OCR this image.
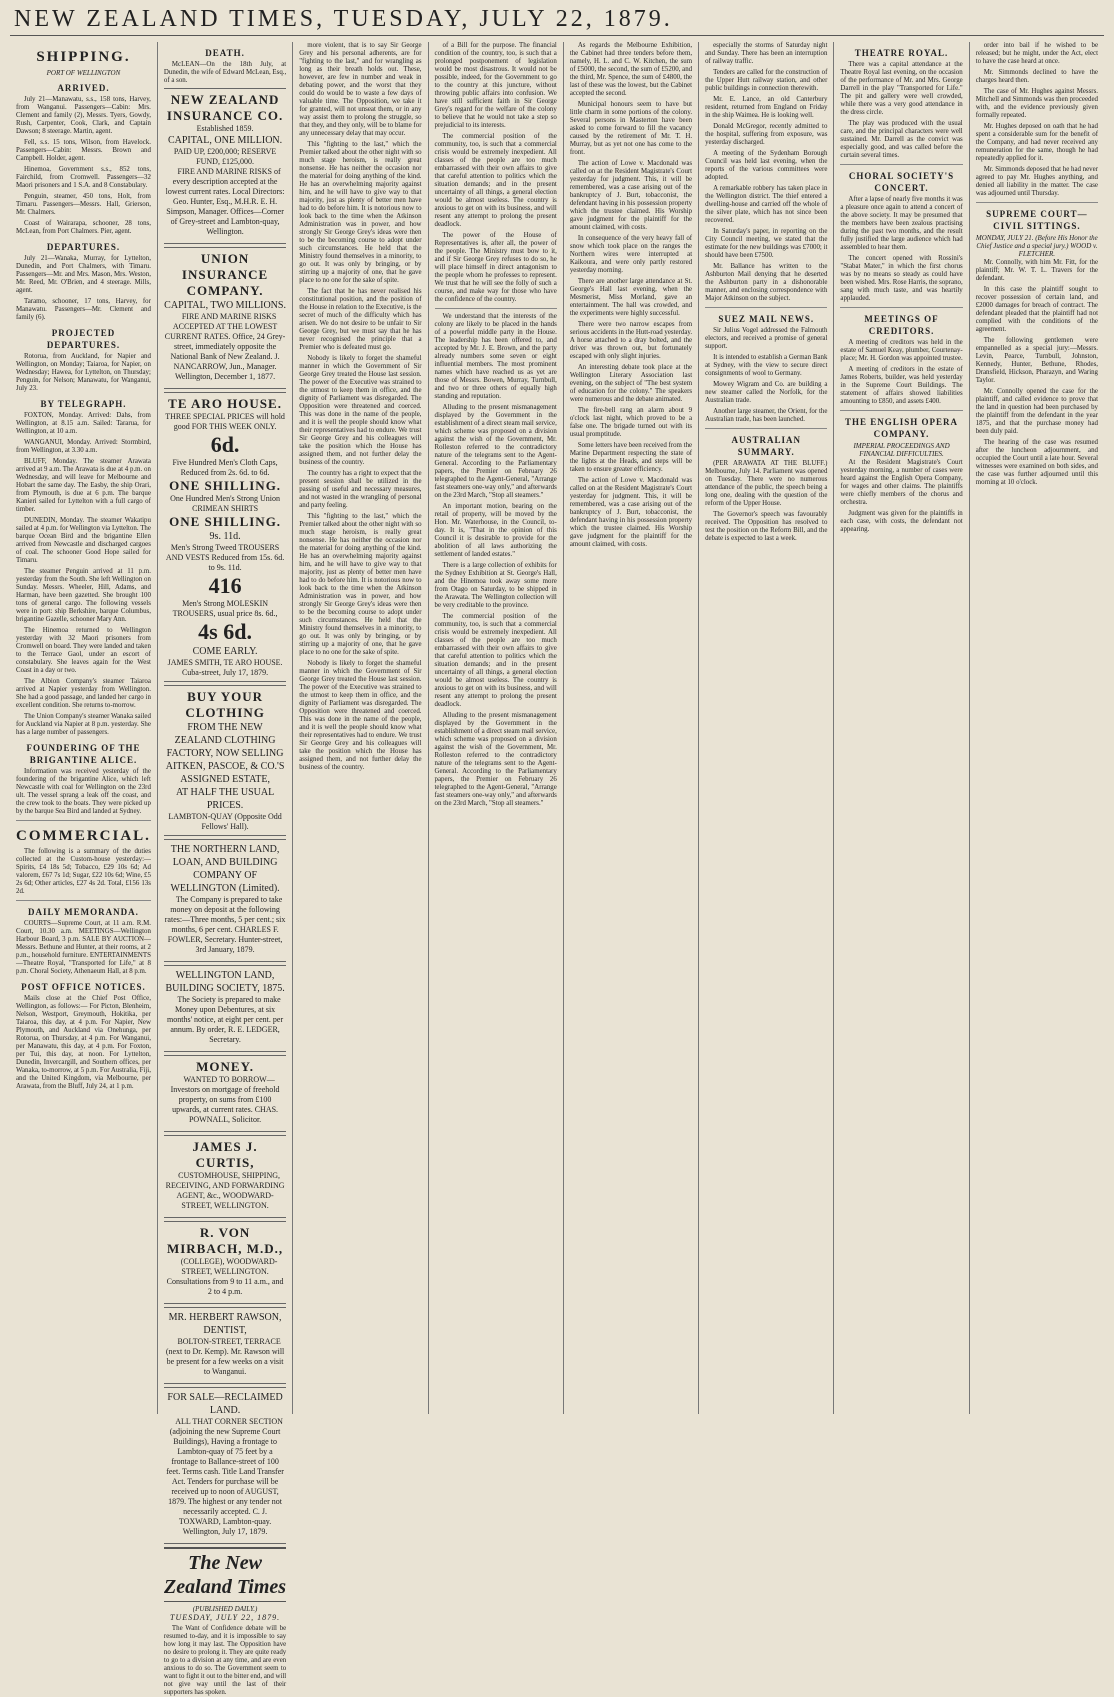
NEW ZEALAND TIMES, TUESDAY, JULY 22, 1879.
SHIPPING.
PORT OF WELLINGTON
ARRIVED.

July 21—Manawatu, s.s., 158 tons, Harvey, from Wanganui. Passengers—Cabin: Mrs. Clement and family (2), Messrs. Tyers, Gowdy, Rush, Carpenter, Cook, Clark, and Captain Dawson; 8 steerage. Martin, agent.

Fell, s.s. 15 tons, Wilson, from Havelock. Passengers—Cabin: Messrs. Brown and Campbell. Holder, agent.

Hinemoa, Government s.s., 852 tons, Fairchild, from Cromwell. Passengers—32 Maori prisoners and 1 S.A. and 8 Constabulary.

Penguin, steamer, 450 tons, Holt, from Timaru. Passengers—Messrs. Hall, Grierson, Mr. Chalmers.

Coast of Wairarapa, schooner, 28 tons, McLean, from Port Chalmers. Pier, agent.

DEPARTURES.

July 21—Wanaka, Murray, for Lyttelton, Dunedin, and Port Chalmers, with Timaru. Passengers—Mr. and Mrs. Mason, Mrs. Weston, Mr. Reed, Mr. O'Brien, and 4 steerage. Mills, agent.

Taramo, schooner, 17 tons, Harvey, for Manawatu. Passengers—Mr. Clement and family (6).

PROJECTED DEPARTURES.

Rotorua, from Auckland, for Napier and Wellington, on Monday; Taiaroa, for Napier, on Wednesday; Hawea, for Lyttelton, on Thursday; Penguin, for Nelson; Manawatu, for Wanganui, July 23.

BY TELEGRAPH.

FOXTON, Monday. Arrived: Dahs, from Wellington, at 8.15 a.m. Sailed: Tararua, for Wellington, at 10 a.m.

WANGANUI, Monday. Arrived: Stormbird, from Wellington, at 3.30 a.m.

BLUFF, Monday. The steamer Arawata arrived at 9 a.m. The Arawata is due at 4 p.m. on Wednesday, and will leave for Melbourne and Hobart the same day. The Easby, the ship Orari, from Plymouth, is due at 6 p.m. The barque Kanieri sailed for Lyttelton with a full cargo of timber.

DUNEDIN, Monday. The steamer Wakatipu sailed at 4 p.m. for Wellington via Lyttelton. The barque Ocean Bird and the brigantine Ellen arrived from Newcastle and discharged cargoes of coal. The schooner Good Hope sailed for Timaru.

The steamer Penguin arrived at 11 p.m. yesterday from the South. She left Wellington on Sunday. Messrs. Wheeler, Hill, Adams, and Harman, have been gazetted. She brought 100 tons of general cargo. The following vessels were in port: ship Berkshire, barque Columbus, brigantine Gazelle, schooner Mary Ann.

The Hinemoa returned to Wellington yesterday with 32 Maori prisoners from Cromwell on board. They were landed and taken to the Terrace Gaol, under an escort of constabulary. She leaves again for the West Coast in a day or two.

The Albion Company's steamer Taiaroa arrived at Napier yesterday from Wellington. She had a good passage, and landed her cargo in excellent condition. She returns to-morrow.

The Union Company's steamer Wanaka sailed for Auckland via Napier at 8 p.m. yesterday. She has a large number of passengers.

FOUNDERING OF THE BRIGANTINE ALICE.

Information was received yesterday of the foundering of the brigantine Alice, which left Newcastle with coal for Wellington on the 23rd ult. The vessel sprang a leak off the coast, and the crew took to the boats. They were picked up by the barque Sea Bird and landed at Sydney.

COMMERCIAL.

The following is a summary of the duties collected at the Custom-house yesterday:— Spirits, £4 18s 5d; Tobacco, £29 10s 6d; Ad valorem, £67 7s 1d; Sugar, £22 10s 6d; Wine, £5 2s 6d; Other articles, £27 4s 2d. Total, £156 13s 2d.

DAILY MEMORANDA.

COURTS—Supreme Court, at 11 a.m. R.M. Court, 10.30 a.m. MEETINGS—Wellington Harbour Board, 3 p.m. SALE BY AUCTION—Messrs. Bethune and Hunter, at their rooms, at 2 p.m., household furniture. ENTERTAINMENTS—Theatre Royal, "Transported for Life," at 8 p.m. Choral Society, Athenaeum Hall, at 8 p.m.

POST OFFICE NOTICES.

Mails close at the Chief Post Office, Wellington, as follows:— For Picton, Blenheim, Nelson, Westport, Greymouth, Hokitika, per Taiaroa, this day, at 4 p.m. For Napier, New Plymouth, and Auckland via Onehunga, per Rotorua, on Thursday, at 4 p.m. For Wanganui, per Manawatu, this day, at 4 p.m. For Foxton, per Tui, this day, at noon. For Lyttelton, Dunedin, Invercargill, and Southern offices, per Wanaka, to-morrow, at 5 p.m. For Australia, Fiji, and the United Kingdom, via Melbourne, per Arawata, from the Bluff, July 24, at 1 p.m.

DEATH.

McLEAN—On the 18th July, at Dunedin, the wife of Edward McLean, Esq., of a son.

NEW ZEALAND INSURANCE CO.
Established 1859.
CAPITAL, ONE MILLION.
PAID UP, £200,000; RESERVE FUND, £125,000.

FIRE AND MARINE RISKS of every description accepted at the lowest current rates. Local Directors: Geo. Hunter, Esq., M.H.R. E. H. Simpson, Manager. Offices—Corner of Grey-street and Lambton-quay, Wellington.

UNION INSURANCE COMPANY.
CAPITAL, TWO MILLIONS.

FIRE AND MARINE RISKS ACCEPTED AT THE LOWEST CURRENT RATES. Office, 24 Grey-street, immediately opposite the National Bank of New Zealand. J. NANCARROW, Jun., Manager. Wellington, December 1, 1877.

TE ARO HOUSE.
THREE SPECIAL PRICES will hold good FOR THIS WEEK ONLY.
6d.
Five Hundred Men's Cloth Caps, Reduced from 2s. 6d. to 6d.
ONE SHILLING.
One Hundred Men's Strong Union CRIMEAN SHIRTS
ONE SHILLING.
9s. 11d.
Men's Strong Tweed TROUSERS AND VESTS Reduced from 15s. 6d. to 9s. 11d.
416
Men's Strong MOLESKIN TROUSERS, usual price 8s. 6d.,
4s 6d.
COME EARLY.
JAMES SMITH, TE ARO HOUSE. Cuba-street, July 17, 1879.
BUY YOUR CLOTHING
FROM THE NEW ZEALAND CLOTHING FACTORY, NOW SELLING
AITKEN, PASCOE, & CO.'S ASSIGNED ESTATE,
AT HALF THE USUAL PRICES.
LAMBTON-QUAY (Opposite Odd Fellows' Hall).
THE NORTHERN LAND, LOAN, AND BUILDING COMPANY OF WELLINGTON (Limited).

The Company is prepared to take money on deposit at the following rates:—Three months, 5 per cent.; six months, 6 per cent. CHARLES F. FOWLER, Secretary. Hunter-street, 3rd January, 1879.

WELLINGTON LAND, BUILDING SOCIETY, 1875.

The Society is prepared to make Money upon Debentures, at six months' notice, at eight per cent. per annum. By order, R. E. LEDGER, Secretary.

MONEY.

WANTED TO BORROW—Investors on mortgage of freehold property, on sums from £100 upwards, at current rates. CHAS. POWNALL, Solicitor.

JAMES J. CURTIS,

CUSTOMHOUSE, SHIPPING, RECEIVING, AND FORWARDING AGENT, &c., WOODWARD-STREET, WELLINGTON.

R. VON MIRBACH, M.D.,

(COLLEGE), WOODWARD-STREET, WELLINGTON. Consultations from 9 to 11 a.m., and 2 to 4 p.m.

MR. HERBERT RAWSON, DENTIST,

BOLTON-STREET, TERRACE (next to Dr. Kemp). Mr. Rawson will be present for a few weeks on a visit to Wanganui.

FOR SALE—RECLAIMED LAND.

ALL THAT CORNER SECTION (adjoining the new Supreme Court Buildings), Having a frontage to Lambton-quay of 75 feet by a frontage to Ballance-street of 100 feet. Terms cash. Title Land Transfer Act. Tenders for purchase will be received up to noon of AUGUST, 1879. The highest or any tender not necessarily accepted. C. J. TOXWARD, Lambton-quay. Wellington, July 17, 1879.

The New Zealand Times
(PUBLISHED DAILY.)
TUESDAY, JULY 22, 1879.

The Want of Confidence debate will be resumed to-day, and it is impossible to say how long it may last. The Opposition have no desire to prolong it. They are quite ready to go to a division at any time, and are even anxious to do so. The Government seem to want to fight it out to the bitter end, and will not give way until the last of their supporters has spoken.

more violent, that is to say Sir George Grey and his personal adherents, are for "fighting to the last," and for wrangling as long as their breath holds out. These, however, are few in number and weak in debating power, and the worst that they could do would be to waste a few days of valuable time. The Opposition, we take it for granted, will not unseat them, or in any way assist them to prolong the struggle, so that they, and they only, will be to blame for any unnecessary delay that may occur.

This "fighting to the last," which the Premier talked about the other night with so much stage heroism, is really great nonsense. He has neither the occasion nor the material for doing anything of the kind. He has an overwhelming majority against him, and he will have to give way to that majority, just as plenty of better men have had to do before him. It is notorious now to look back to the time when the Atkinson Administration was in power, and how strongly Sir George Grey's ideas were then to be the becoming course to adopt under such circumstances. He held that the Ministry found themselves in a minority, to go out. It was only by bringing, or by stirring up a majority of one, that he gave place to no one for the sake of spite.

The fact that he has never realised his constitutional position, and the position of the House in relation to the Executive, is the secret of much of the difficulty which has arisen. We do not desire to be unfair to Sir George Grey, but we must say that he has never recognised the principle that a Premier who is defeated must go.

Nobody is likely to forget the shameful manner in which the Government of Sir George Grey treated the House last session. The power of the Executive was strained to the utmost to keep them in office, and the dignity of Parliament was disregarded. The Opposition were threatened and coerced. This was done in the name of the people, and it is well the people should know what their representatives had to endure. We trust Sir George Grey and his colleagues will take the position which the House has assigned them, and not further delay the business of the country.

The country has a right to expect that the present session shall be utilized in the passing of useful and necessary measures, and not wasted in the wrangling of personal and party feeling.

This "fighting to the last," which the Premier talked about the other night with so much stage heroism, is really great nonsense. He has neither the occasion nor the material for doing anything of the kind. He has an overwhelming majority against him, and he will have to give way to that majority, just as plenty of better men have had to do before him. It is notorious now to look back to the time when the Atkinson Administration was in power, and how strongly Sir George Grey's ideas were then to be the becoming course to adopt under such circumstances. He held that the Ministry found themselves in a minority, to go out. It was only by bringing, or by stirring up a majority of one, that he gave place to no one for the sake of spite.

Nobody is likely to forget the shameful manner in which the Government of Sir George Grey treated the House last session. The power of the Executive was strained to the utmost to keep them in office, and the dignity of Parliament was disregarded. The Opposition were threatened and coerced. This was done in the name of the people, and it is well the people should know what their representatives had to endure. We trust Sir George Grey and his colleagues will take the position which the House has assigned them, and not further delay the business of the country.

of a Bill for the purpose. The financial condition of the country, too, is such that a prolonged postponement of legislation would be most disastrous. It would not be possible, indeed, for the Government to go to the country at this juncture, without throwing public affairs into confusion. We have still sufficient faith in Sir George Grey's regard for the welfare of the colony to believe that he would not take a step so prejudicial to its interests.

The commercial position of the community, too, is such that a commercial crisis would be extremely inexpedient. All classes of the people are too much embarrassed with their own affairs to give that careful attention to politics which the situation demands; and in the present uncertainty of all things, a general election would be almost useless. The country is anxious to get on with its business, and will resent any attempt to prolong the present deadlock.

The power of the House of Representatives is, after all, the power of the people. The Ministry must bow to it, and if Sir George Grey refuses to do so, he will place himself in direct antagonism to the people whom he professes to represent. We trust that he will see the folly of such a course, and make way for those who have the confidence of the country.

We understand that the interests of the colony are likely to be placed in the hands of a powerful middle party in the House. The leadership has been offered to, and accepted by Mr. J. E. Brown, and the party already numbers some seven or eight influential members. The most prominent names which have reached us as yet are those of Messrs. Bowen, Murray, Turnbull, and two or three others of equally high standing and reputation.

Alluding to the present mismanagement displayed by the Government in the establishment of a direct steam mail service, which scheme was proposed on a division against the wish of the Government, Mr. Rolleston referred to the contradictory nature of the telegrams sent to the Agent-General. According to the Parliamentary papers, the Premier on February 26 telegraphed to the Agent-General, "Arrange fast steamers one-way only," and afterwards on the 23rd March, "Stop all steamers."

An important motion, bearing on the retail of property, will be moved by the Hon. Mr. Waterhouse, in the Council, to-day. It is, "That in the opinion of this Council it is desirable to provide for the abolition of all laws authorizing the settlement of landed estates."

There is a large collection of exhibits for the Sydney Exhibition at St. George's Hall, and the Hinemoa took away some more from Otago on Saturday, to be shipped in the Arawata. The Wellington collection will be very creditable to the province.

The commercial position of the community, too, is such that a commercial crisis would be extremely inexpedient. All classes of the people are too much embarrassed with their own affairs to give that careful attention to politics which the situation demands; and in the present uncertainty of all things, a general election would be almost useless. The country is anxious to get on with its business, and will resent any attempt to prolong the present deadlock.

Alluding to the present mismanagement displayed by the Government in the establishment of a direct steam mail service, which scheme was proposed on a division against the wish of the Government, Mr. Rolleston referred to the contradictory nature of the telegrams sent to the Agent-General. According to the Parliamentary papers, the Premier on February 26 telegraphed to the Agent-General, "Arrange fast steamers one-way only," and afterwards on the 23rd March, "Stop all steamers."

As regards the Melbourne Exhibition, the Cabinet had three tenders before them, namely, H. L. and C. W. Kitchen, the sum of £5000, the second, the sum of £5200, and the third, Mr. Spence, the sum of £4800, the last of these was the lowest, but the Cabinet accepted the second.

Municipal honours seem to have but little charm in some portions of the colony. Several persons in Masterton have been asked to come forward to fill the vacancy caused by the retirement of Mr. T. H. Murray, but as yet not one has come to the front.

The action of Lowe v. Macdonald was called on at the Resident Magistrate's Court yesterday for judgment. This, it will be remembered, was a case arising out of the bankruptcy of J. Burt, tobacconist, the defendant having in his possession property which the trustee claimed. His Worship gave judgment for the plaintiff for the amount claimed, with costs.

In consequence of the very heavy fall of snow which took place on the ranges the Northern wires were interrupted at Kaikoura, and were only partly restored yesterday morning.

There are another large attendance at St. George's Hall last evening, when the Mesmerist, Miss Morland, gave an entertainment. The hall was crowded, and the experiments were highly successful.

There were two narrow escapes from serious accidents in the Hutt-road yesterday. A horse attached to a dray bolted, and the driver was thrown out, but fortunately escaped with only slight injuries.

An interesting debate took place at the Wellington Literary Association last evening, on the subject of "The best system of education for the colony." The speakers were numerous and the debate animated.

The fire-bell rang an alarm about 9 o'clock last night, which proved to be a false one. The brigade turned out with its usual promptitude.

Some letters have been received from the Marine Department respecting the state of the lights at the Heads, and steps will be taken to ensure greater efficiency.

The action of Lowe v. Macdonald was called on at the Resident Magistrate's Court yesterday for judgment. This, it will be remembered, was a case arising out of the bankruptcy of J. Burt, tobacconist, the defendant having in his possession property which the trustee claimed. His Worship gave judgment for the plaintiff for the amount claimed, with costs.

especially the storms of Saturday night and Sunday. There has been an interruption of railway traffic.

Tenders are called for the construction of the Upper Hutt railway station, and other public buildings in connection therewith.

Mr. E. Lance, an old Canterbury resident, returned from England on Friday in the ship Waimea. He is looking well.

Donald McGregor, recently admitted to the hospital, suffering from exposure, was yesterday discharged.

A meeting of the Sydenham Borough Council was held last evening, when the reports of the various committees were adopted.

A remarkable robbery has taken place in the Wellington district. The thief entered a dwelling-house and carried off the whole of the silver plate, which has not since been recovered.

In Saturday's paper, in reporting on the City Council meeting, we stated that the estimate for the new buildings was £7000; it should have been £7500.

Mr. Ballance has written to the Ashburton Mail denying that he deserted the Ashburton party in a dishonorable manner, and enclosing correspondence with Major Atkinson on the subject.

SUEZ MAIL NEWS.

Sir Julius Vogel addressed the Falmouth electors, and received a promise of general support.

It is intended to establish a German Bank at Sydney, with the view to secure direct consignments of wool to Germany.

Mowey Wigram and Co. are building a new steamer called the Norfolk, for the Australian trade.

Another large steamer, the Orient, for the Australian trade, has been launched.

AUSTRALIAN SUMMARY.

(PER ARAWATA AT THE BLUFF.) Melbourne, July 14. Parliament was opened on Tuesday. There were no numerous attendance of the public, the speech being a long one, dealing with the question of the reform of the Upper House.

The Governor's speech was favourably received. The Opposition has resolved to test the position on the Reform Bill, and the debate is expected to last a week.

THEATRE ROYAL.

There was a capital attendance at the Theatre Royal last evening, on the occasion of the performance of Mr. and Mrs. George Darrell in the play "Transported for Life." The pit and gallery were well crowded, while there was a very good attendance in the dress circle.

The play was produced with the usual care, and the principal characters were well sustained. Mr. Darrell as the convict was especially good, and was called before the curtain several times.

CHORAL SOCIETY'S CONCERT.

After a lapse of nearly five months it was a pleasure once again to attend a concert of the above society. It may be presumed that the members have been zealous practising during the past two months, and the result fully justified the large audience which had assembled to hear them.

The concert opened with Rossini's "Stabat Mater," in which the first chorus was by no means so steady as could have been wished. Mrs. Rose Harris, the soprano, sang with much taste, and was heartily applauded.

MEETINGS OF CREDITORS.

A meeting of creditors was held in the estate of Samuel Keay, plumber, Courtenay-place; Mr. H. Gordon was appointed trustee.

A meeting of creditors in the estate of James Roberts, builder, was held yesterday in the Supreme Court Buildings. The statement of affairs showed liabilities amounting to £850, and assets £400.

THE ENGLISH OPERA COMPANY.
IMPERIAL PROCEEDINGS AND FINANCIAL DIFFICULTIES.

At the Resident Magistrate's Court yesterday morning, a number of cases were heard against the English Opera Company, for wages and other claims. The plaintiffs were chiefly members of the chorus and orchestra.

Judgment was given for the plaintiffs in each case, with costs, the defendant not appearing.

order into bail if he wished to be released; but he might, under the Act, elect to have the case heard at once.

Mr. Simmonds declined to have the charges heard then.

The case of Mr. Hughes against Messrs. Mitchell and Simmonds was then proceeded with, and the evidence previously given formally repeated.

Mr. Hughes deposed on oath that he had spent a considerable sum for the benefit of the Company, and had never received any remuneration for the same, though he had repeatedly applied for it.

Mr. Simmonds deposed that he had never agreed to pay Mr. Hughes anything, and denied all liability in the matter. The case was adjourned until Thursday.

SUPREME COURT—CIVIL SITTINGS.
MONDAY, JULY 21. (Before His Honor the Chief Justice and a special jury.) WOOD v. FLETCHER.

Mr. Connolly, with him Mr. Fitt, for the plaintiff; Mr. W. T. L. Travers for the defendant.

In this case the plaintiff sought to recover possession of certain land, and £2000 damages for breach of contract. The defendant pleaded that the plaintiff had not complied with the conditions of the agreement.

The following gentlemen were empannelled as a special jury:—Messrs. Levin, Pearce, Turnbull, Johnston, Kennedy, Hunter, Bethune, Rhodes, Dransfield, Hickson, Pharazyn, and Waring Taylor.

Mr. Connolly opened the case for the plaintiff, and called evidence to prove that the land in question had been purchased by the plaintiff from the defendant in the year 1875, and that the purchase money had been duly paid.

The hearing of the case was resumed after the luncheon adjournment, and occupied the Court until a late hour. Several witnesses were examined on both sides, and the case was further adjourned until this morning at 10 o'clock.
